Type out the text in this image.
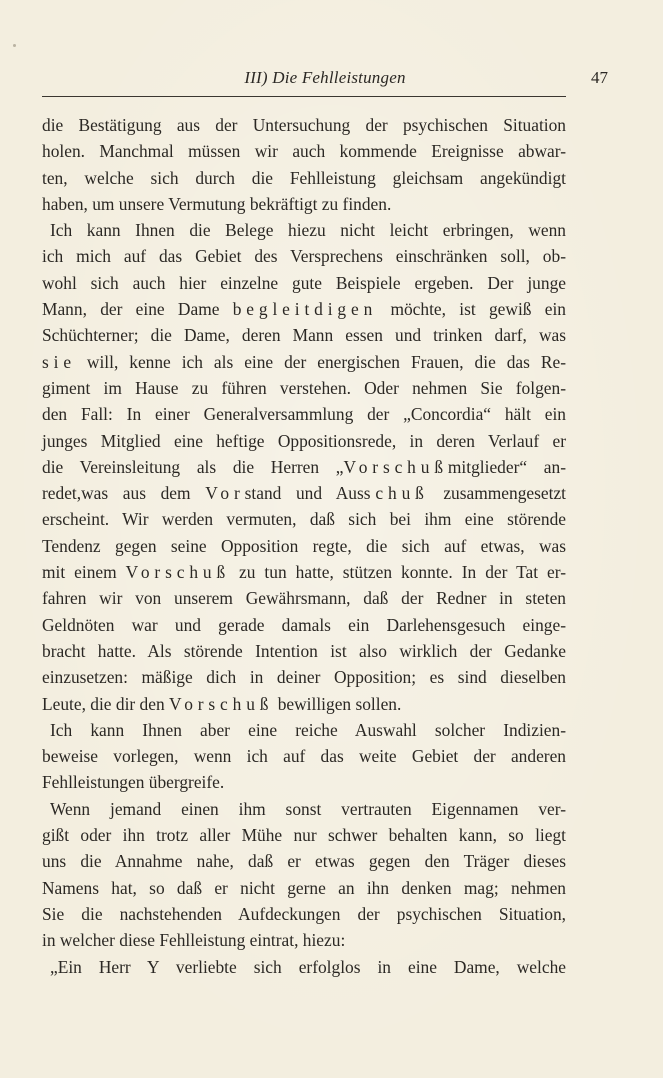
III) Die Fehlleistungen	47
die Bestätigung aus der Untersuchung der psychischen Situation
holen. Manchmal müssen wir auch kommende Ereignisse abwar-
ten, welche sich durch die Fehlleistung gleichsam angekündigt
haben, um unsere Vermutung bekräftigt zu finden.
Ich kann Ihnen die Belege hiezu nicht leicht erbringen, wenn
ich mich auf das Gebiet des Versprechens einschränken soll, ob-
wohl sich auch hier einzelne gute Beispiele ergeben. Der junge
Mann, der eine Dame begleitdigen möchte, ist gewiß ein
Schüchterner; die Dame, deren Mann essen und trinken darf, was
sie will, kenne ich als eine der energischen Frauen, die das Re-
giment im Hause zu führen verstehen. Oder nehmen Sie folgen-
den Fall: In einer Generalversammlung der „Concordia“ hält ein
junges Mitglied eine heftige Oppositionsrede, in deren Verlauf er
die Vereinsleitung als die Herren „Vorschußmitglieder“ an-
redet,was aus dem Vorstand und Ausschuß zusammengesetzt
erscheint. Wir werden vermuten, daß sich bei ihm eine störende
Tendenz gegen seine Opposition regte, die sich auf etwas, was
mit einem Vorschuß zu tun hatte, stützen konnte. In der Tat er-
fahren wir von unserem Gewährsmann, daß der Redner in steten
Geldnöten war und gerade damals ein Darlehensgesuch einge-
bracht hatte. Als störende Intention ist also wirklich der Gedanke
einzusetzen: mäßige dich in deiner Opposition; es sind dieselben
Leute, die dir den Vorschuß bewilligen sollen.
Ich kann Ihnen aber eine reiche Auswahl solcher Indizien-
beweise vorlegen, wenn ich auf das weite Gebiet der anderen
Fehlleistungen übergreife.
Wenn jemand einen ihm sonst vertrauten Eigennamen ver-
gißt oder ihn trotz aller Mühe nur schwer behalten kann, so liegt
uns die Annahme nahe, daß er etwas gegen den Träger dieses
Namens hat, so daß er nicht gerne an ihn denken mag; nehmen
Sie die nachstehenden Aufdeckungen der psychischen Situation,
in welcher diese Fehlleistung eintrat, hiezu:
„Ein Herr Y verliebte sich erfolglos in eine Dame, welche
